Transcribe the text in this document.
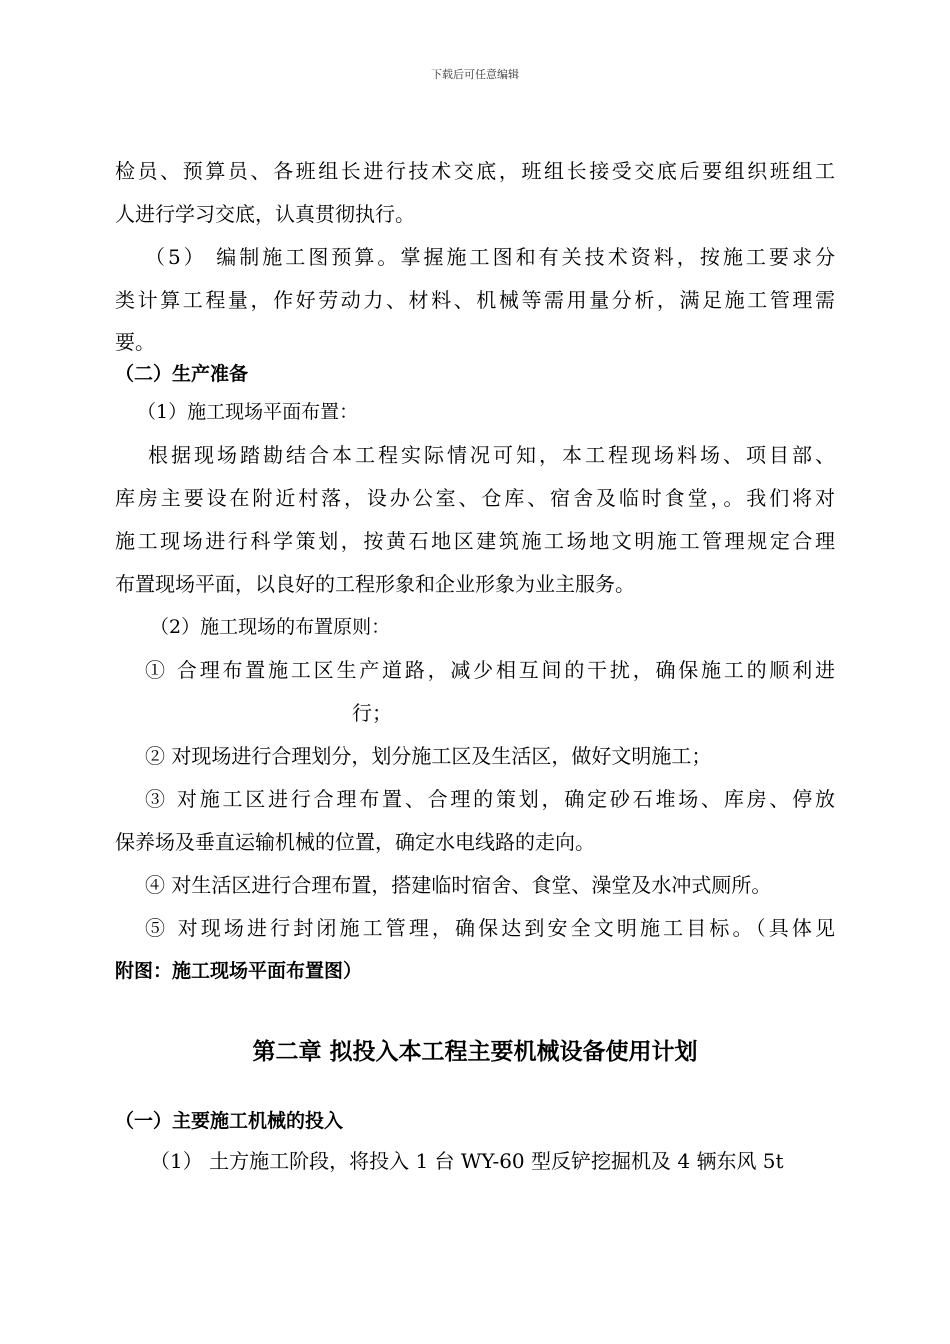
下载后可任意编辑
检员、预算员、各班组长进行技术交底，班组长接受交底后要组织班组工
人进行学习交底，认真贯彻执行。
（5） 编制施工图预算。掌握施工图和有关技术资料，按施工要求分
类计算工程量，作好劳动力、材料、机械等需用量分析，满足施工管理需
要。
（二）生产准备
（1）施工现场平面布置：
根据现场踏勘结合本工程实际情况可知，本工程现场料场、项目部、
库房主要设在附近村落，设办公室、仓库、宿舍及临时食堂，。我们将对
施工现场进行科学策划，按黄石地区建筑施工场地文明施工管理规定合理
布置现场平面，以良好的工程形象和企业形象为业主服务。
（2）施工现场的布置原则：
① 合理布置施工区生产道路，减少相互间的干扰，确保施工的顺利进
行；
② 对现场进行合理划分，划分施工区及生活区，做好文明施工；
③ 对施工区进行合理布置、合理的策划，确定砂石堆场、库房、停放
保养场及垂直运输机械的位置，确定水电线路的走向。
④ 对生活区进行合理布置，搭建临时宿舍、食堂、澡堂及水冲式厕所。
⑤ 对现场进行封闭施工管理，确保达到安全文明施工目标。（具体见
附图：施工现场平面布置图）
第二章 拟投入本工程主要机械设备使用计划
（一）主要施工机械的投入
（1） 土方施工阶段，将投入 1 台 WY-60 型反铲挖掘机及 4 辆东风 5t
